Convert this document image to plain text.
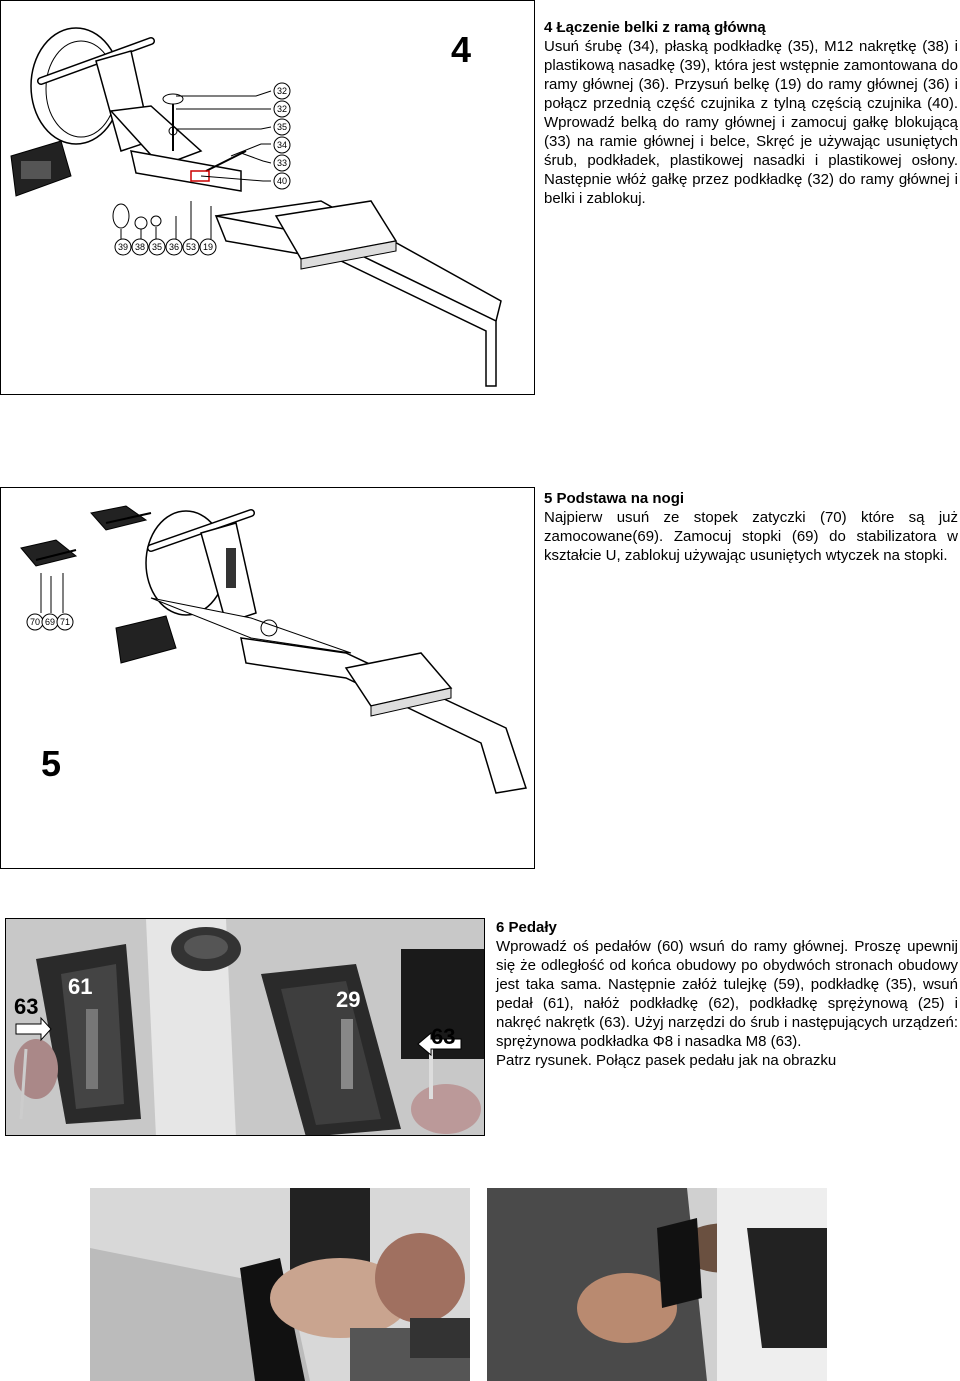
32
32
35
34
33
40
39 38 35 36 53 19
4
4 Łączenie belki z ramą główną

Usuń śrubę (34), płaską podkładkę (35), M12 nakrętkę (38) i plastikową nasadkę (39), która jest wstępnie zamontowana do ramy głównej (36). Przysuń belkę (19) do ramy głównej (36) i połącz przednią część czujnika z tylną częścią czujnika (40). Wprowadź belką do ramy głównej i zamocuj gałkę blokującą (33) na ramie głównej i belce, Skręć je używając usuniętych śrub, podkładek, plastikowej nasadki i plastikowej osłony. Następnie włóż gałkę przez podkładkę (32) do ramy głównej i belki i zablokuj.

70 69 71
5
5 Podstawa na nogi

Najpierw usuń ze stopek zatyczki (70) które są już zamocowane(69). Zamocuj stopki (69) do stabilizatora w kształcie U, zablokuj używając usuniętych wtyczek na stopki.

63
61
29
63
6 Pedały

Wprowadź oś pedałów (60) wsuń do ramy głównej. Proszę upewnij się że odległość od końca obudowy po obydwóch stronach obudowy jest taka sama. Następnie załóż tulejkę (59), podkładkę (35), wsuń pedał (61), nałóż podkładkę (62), podkładkę sprężynową (25) i nakręć nakrętk (63). Użyj narzędzi do śrub i następujących urządzeń: sprężynowa podkładka Φ8 i nasadka M8 (63).

Patrz rysunek. Połącz pasek pedału jak na obrazku
